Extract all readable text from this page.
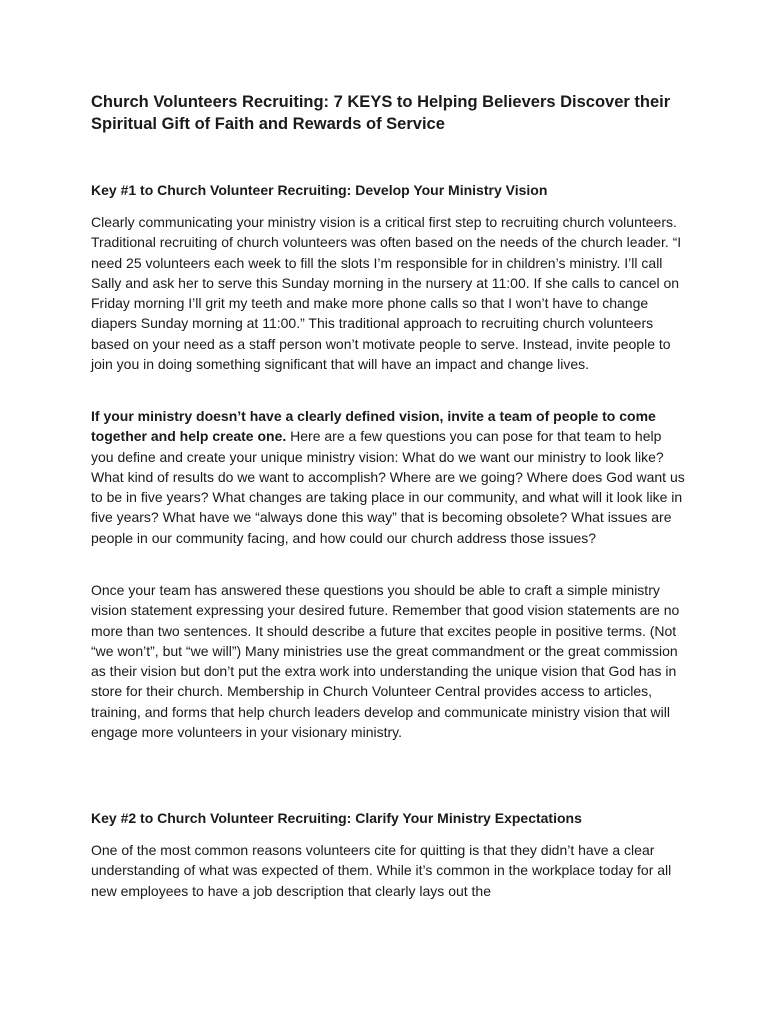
Church Volunteers Recruiting: 7 KEYS to Helping Believers Discover their Spiritual Gift of Faith and Rewards of Service
Key #1 to Church Volunteer Recruiting: Develop Your Ministry Vision

Clearly communicating your ministry vision is a critical first step to recruiting church volunteers. Traditional recruiting of church volunteers was often based on the needs of the church leader. “I need 25 volunteers each week to fill the slots I’m responsible for in children’s ministry. I’ll call Sally and ask her to serve this Sunday morning in the nursery at 11:00. If she calls to cancel on Friday morning I’ll grit my teeth and make more phone calls so that I won’t have to change diapers Sunday morning at 11:00.” This traditional approach to recruiting church volunteers based on your need as a staff person won’t motivate people to serve. Instead, invite people to join you in doing something significant that will have an impact and change lives.

If your ministry doesn’t have a clearly defined vision, invite a team of people to come together and help create one. Here are a few questions you can pose for that team to help you define and create your unique ministry vision: What do we want our ministry to look like? What kind of results do we want to accomplish? Where are we going? Where does God want us to be in five years? What changes are taking place in our community, and what will it look like in five years? What have we “always done this way” that is becoming obsolete? What issues are people in our community facing, and how could our church address those issues?

Once your team has answered these questions you should be able to craft a simple ministry vision statement expressing your desired future. Remember that good vision statements are no more than two sentences. It should describe a future that excites people in positive terms. (Not “we won’t”, but “we will”) Many ministries use the great commandment or the great commission as their vision but don’t put the extra work into understanding the unique vision that God has in store for their church. Membership in Church Volunteer Central provides access to articles, training, and forms that help church leaders develop and communicate ministry vision that will engage more volunteers in your visionary ministry.

Key #2 to Church Volunteer Recruiting: Clarify Your Ministry Expectations

One of the most common reasons volunteers cite for quitting is that they didn’t have a clear understanding of what was expected of them. While it’s common in the workplace today for all new employees to have a job description that clearly lays out the
